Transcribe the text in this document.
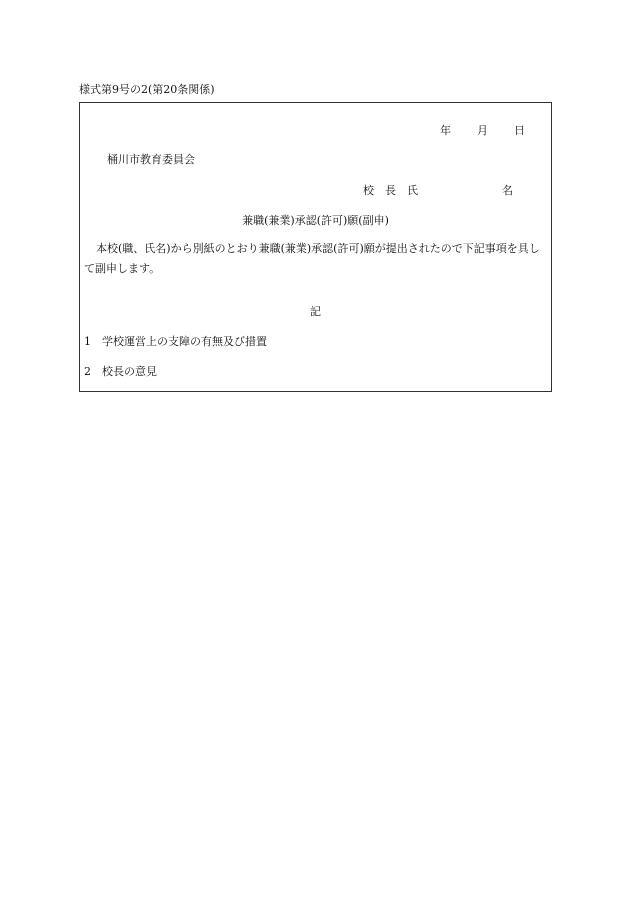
様式第9号の2(第20条関係)
年 月 日
桶川市教育委員会
校　長　氏	名
兼職(兼業)承認(許可)願(副申)
本校(職、氏名)から別紙のとおり兼職(兼業)承認(許可)願が提出されたので下記事項を具して副申します。
記
1 学校運営上の支障の有無及び措置
2 校長の意見
